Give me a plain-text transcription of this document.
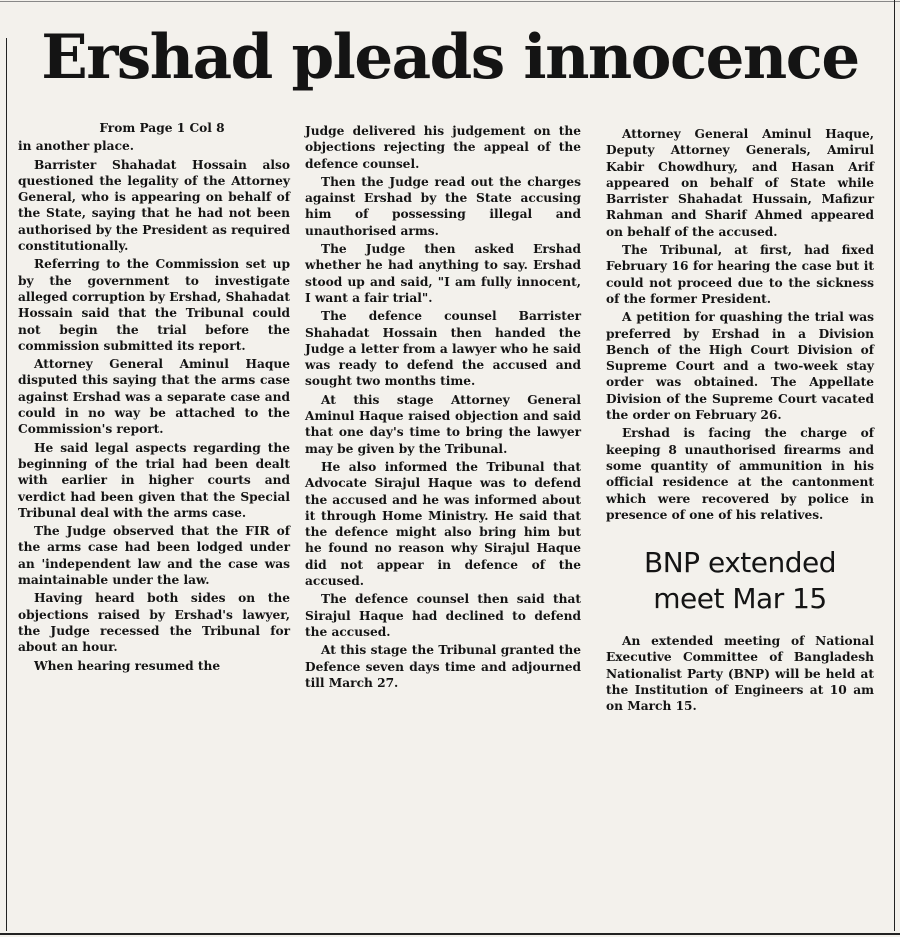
Ershad pleads innocence

From Page 1 Col 8

in another place.

Barrister Shahadat Hossain also questioned the legality of the Attorney General, who is appearing on behalf of the State, saying that he had not been authorised by the President as required constitutionally.

Referring to the Commission set up by the government to investigate alleged corruption by Ershad, Shahadat Hossain said that the Tribunal could not begin the trial before the commission submitted its report.

Attorney General Aminul Haque disputed this saying that the arms case against Ershad was a separate case and could in no way be attached to the Commission's report.

He said legal aspects regarding the beginning of the trial had been dealt with earlier in higher courts and verdict had been given that the Special Tribunal deal with the arms case.

The Judge observed that the FIR of the arms case had been lodged under an 'independent law and the case was maintainable under the law.

Having heard both sides on the objections raised by Ershad's lawyer, the Judge recessed the Tribunal for about an hour.

When hearing resumed the

Judge delivered his judgement on the objections rejecting the appeal of the defence counsel.

Then the Judge read out the charges against Ershad by the State accusing him of possessing illegal and unauthorised arms.

The Judge then asked Ershad whether he had anything to say. Ershad stood up and said, "I am fully innocent, I want a fair trial".

The defence counsel Barrister Shahadat Hossain then handed the Judge a letter from a lawyer who he said was ready to defend the accused and sought two months time.

At this stage Attorney General Aminul Haque raised objection and said that one day's time to bring the lawyer may be given by the Tribunal.

He also informed the Tribunal that Advocate Sirajul Haque was to defend the accused and he was informed about it through Home Ministry. He said that the defence might also bring him but he found no reason why Sirajul Haque did not appear in defence of the accused.

The defence counsel then said that Sirajul Haque had declined to defend the accused.

At this stage the Tribunal granted the Defence seven days time and adjourned till March 27.

Attorney General Aminul Haque, Deputy Attorney Generals, Amirul Kabir Chowdhury, and Hasan Arif appeared on behalf of State while Barrister Shahadat Hussain, Mafizur Rahman and Sharif Ahmed appeared on behalf of the accused.

The Tribunal, at first, had fixed February 16 for hearing the case but it could not proceed due to the sickness of the former President.

A petition for quashing the trial was preferred by Ershad in a Division Bench of the High Court Division of Supreme Court and a two-week stay order was obtained. The Appellate Division of the Supreme Court vacated the order on February 26.

Ershad is facing the charge of keeping 8 unauthorised firearms and some quantity of ammunition in his official residence at the cantonment which were recovered by police in presence of one of his relatives.

BNP extended
meet Mar 15

An extended meeting of National Executive Committee of Bangladesh Nationalist Party (BNP) will be held at the Institution of Engineers at 10 am on March 15.
